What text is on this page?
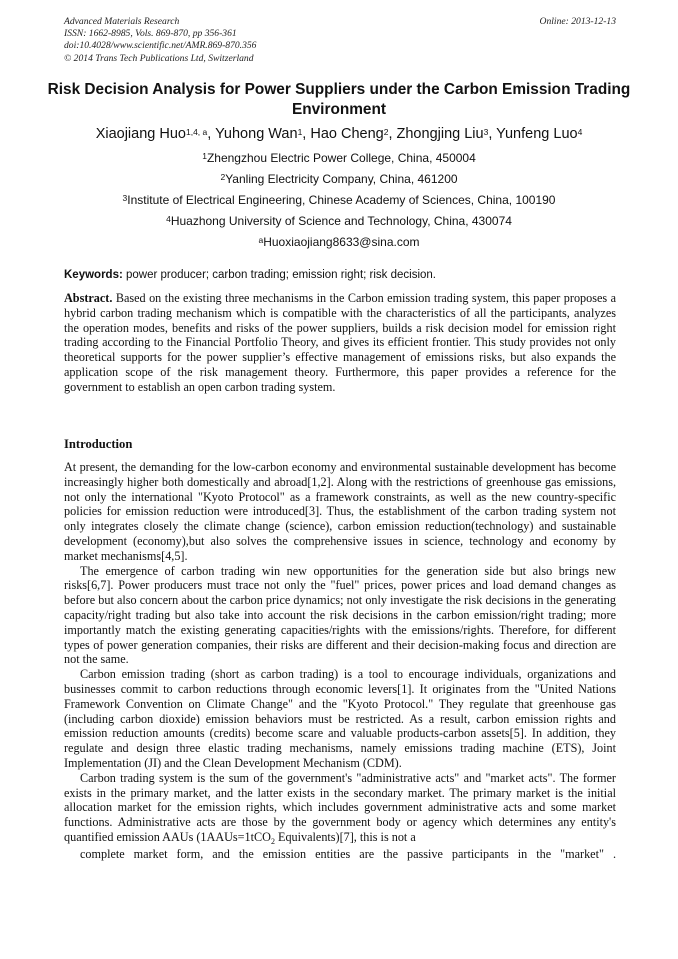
Advanced Materials Research
ISSN: 1662-8985, Vols. 869-870, pp 356-361
doi:10.4028/www.scientific.net/AMR.869-870.356
© 2014 Trans Tech Publications Ltd, Switzerland
Online: 2013-12-13
Risk Decision Analysis for Power Suppliers under the Carbon Emission Trading Environment
Xiaojiang Huo$^{1,4, a}$, Yuhong Wan$^1$, Hao Cheng$^2$, Zhongjing Liu$^3$, Yunfeng Luo$^4$
$^1$Zhengzhou Electric Power College, China, 450004
$^2$Yanling Electricity Company, China, 461200
$^3$Institute of Electrical Engineering, Chinese Academy of Sciences, China, 100190
$^4$Huazhong University of Science and Technology, China, 430074
$^a$Huoxiaojiang8633@sina.com
Keywords: power producer; carbon trading; emission right; risk decision.
Abstract. Based on the existing three mechanisms in the Carbon emission trading system, this paper proposes a hybrid carbon trading mechanism which is compatible with the characteristics of all the participants, analyzes the operation modes, benefits and risks of the power suppliers, builds a risk decision model for emission right trading according to the Financial Portfolio Theory, and gives its efficient frontier. This study provides not only theoretical supports for the power supplier’s effective management of emissions risks, but also expands the application scope of the risk management theory. Furthermore, this paper provides a reference for the government to establish an open carbon trading system.
Introduction

At present, the demanding for the low-carbon economy and environmental sustainable development has become increasingly higher both domestically and abroad[1,2]. Along with the restrictions of greenhouse gas emissions, not only the international "Kyoto Protocol" as a framework constraints, as well as the new country-specific policies for emission reduction were introduced[3]. Thus, the establishment of the carbon trading system not only integrates closely the climate change (science), carbon emission reduction(technology) and sustainable development (economy),but also solves the comprehensive issues in science, technology and economy by market mechanisms[4,5].

The emergence of carbon trading win new opportunities for the generation side but also brings new risks[6,7]. Power producers must trace not only the "fuel" prices, power prices and load demand changes as before but also concern about the carbon price dynamics; not only investigate the risk decisions in the generating capacity/right trading but also take into account the risk decisions in the carbon emission/right trading; more importantly match the existing generating capacities/rights with the emissions/rights. Therefore, for different types of power generation companies, their risks are different and their decision-making focus and direction are not the same.

Carbon emission trading (short as carbon trading) is a tool to encourage individuals, organizations and businesses commit to carbon reductions through economic levers[1]. It originates from the "United Nations Framework Convention on Climate Change" and the "Kyoto Protocol." They regulate that greenhouse gas (including carbon dioxide) emission behaviors must be restricted. As a result, carbon emission rights and emission reduction amounts (credits) become scare and valuable products-carbon assets[5]. In addition, they regulate and design three elastic trading mechanisms, namely emissions trading machine (ETS), Joint Implementation (JI) and the Clean Development Mechanism (CDM).

Carbon trading system is the sum of the government's "administrative acts" and "market acts". The former exists in the primary market, and the latter exists in the secondary market. The primary market is the initial allocation market for the emission rights, which includes government administrative acts and some market functions. Administrative acts are those by the government body or agency which determines any entity's quantified emission AAUs (1AAUs=1tCO$_2$ Equivalents)[7], this is not a
complete market form, and the emission entities are the passive participants in the "market" .
